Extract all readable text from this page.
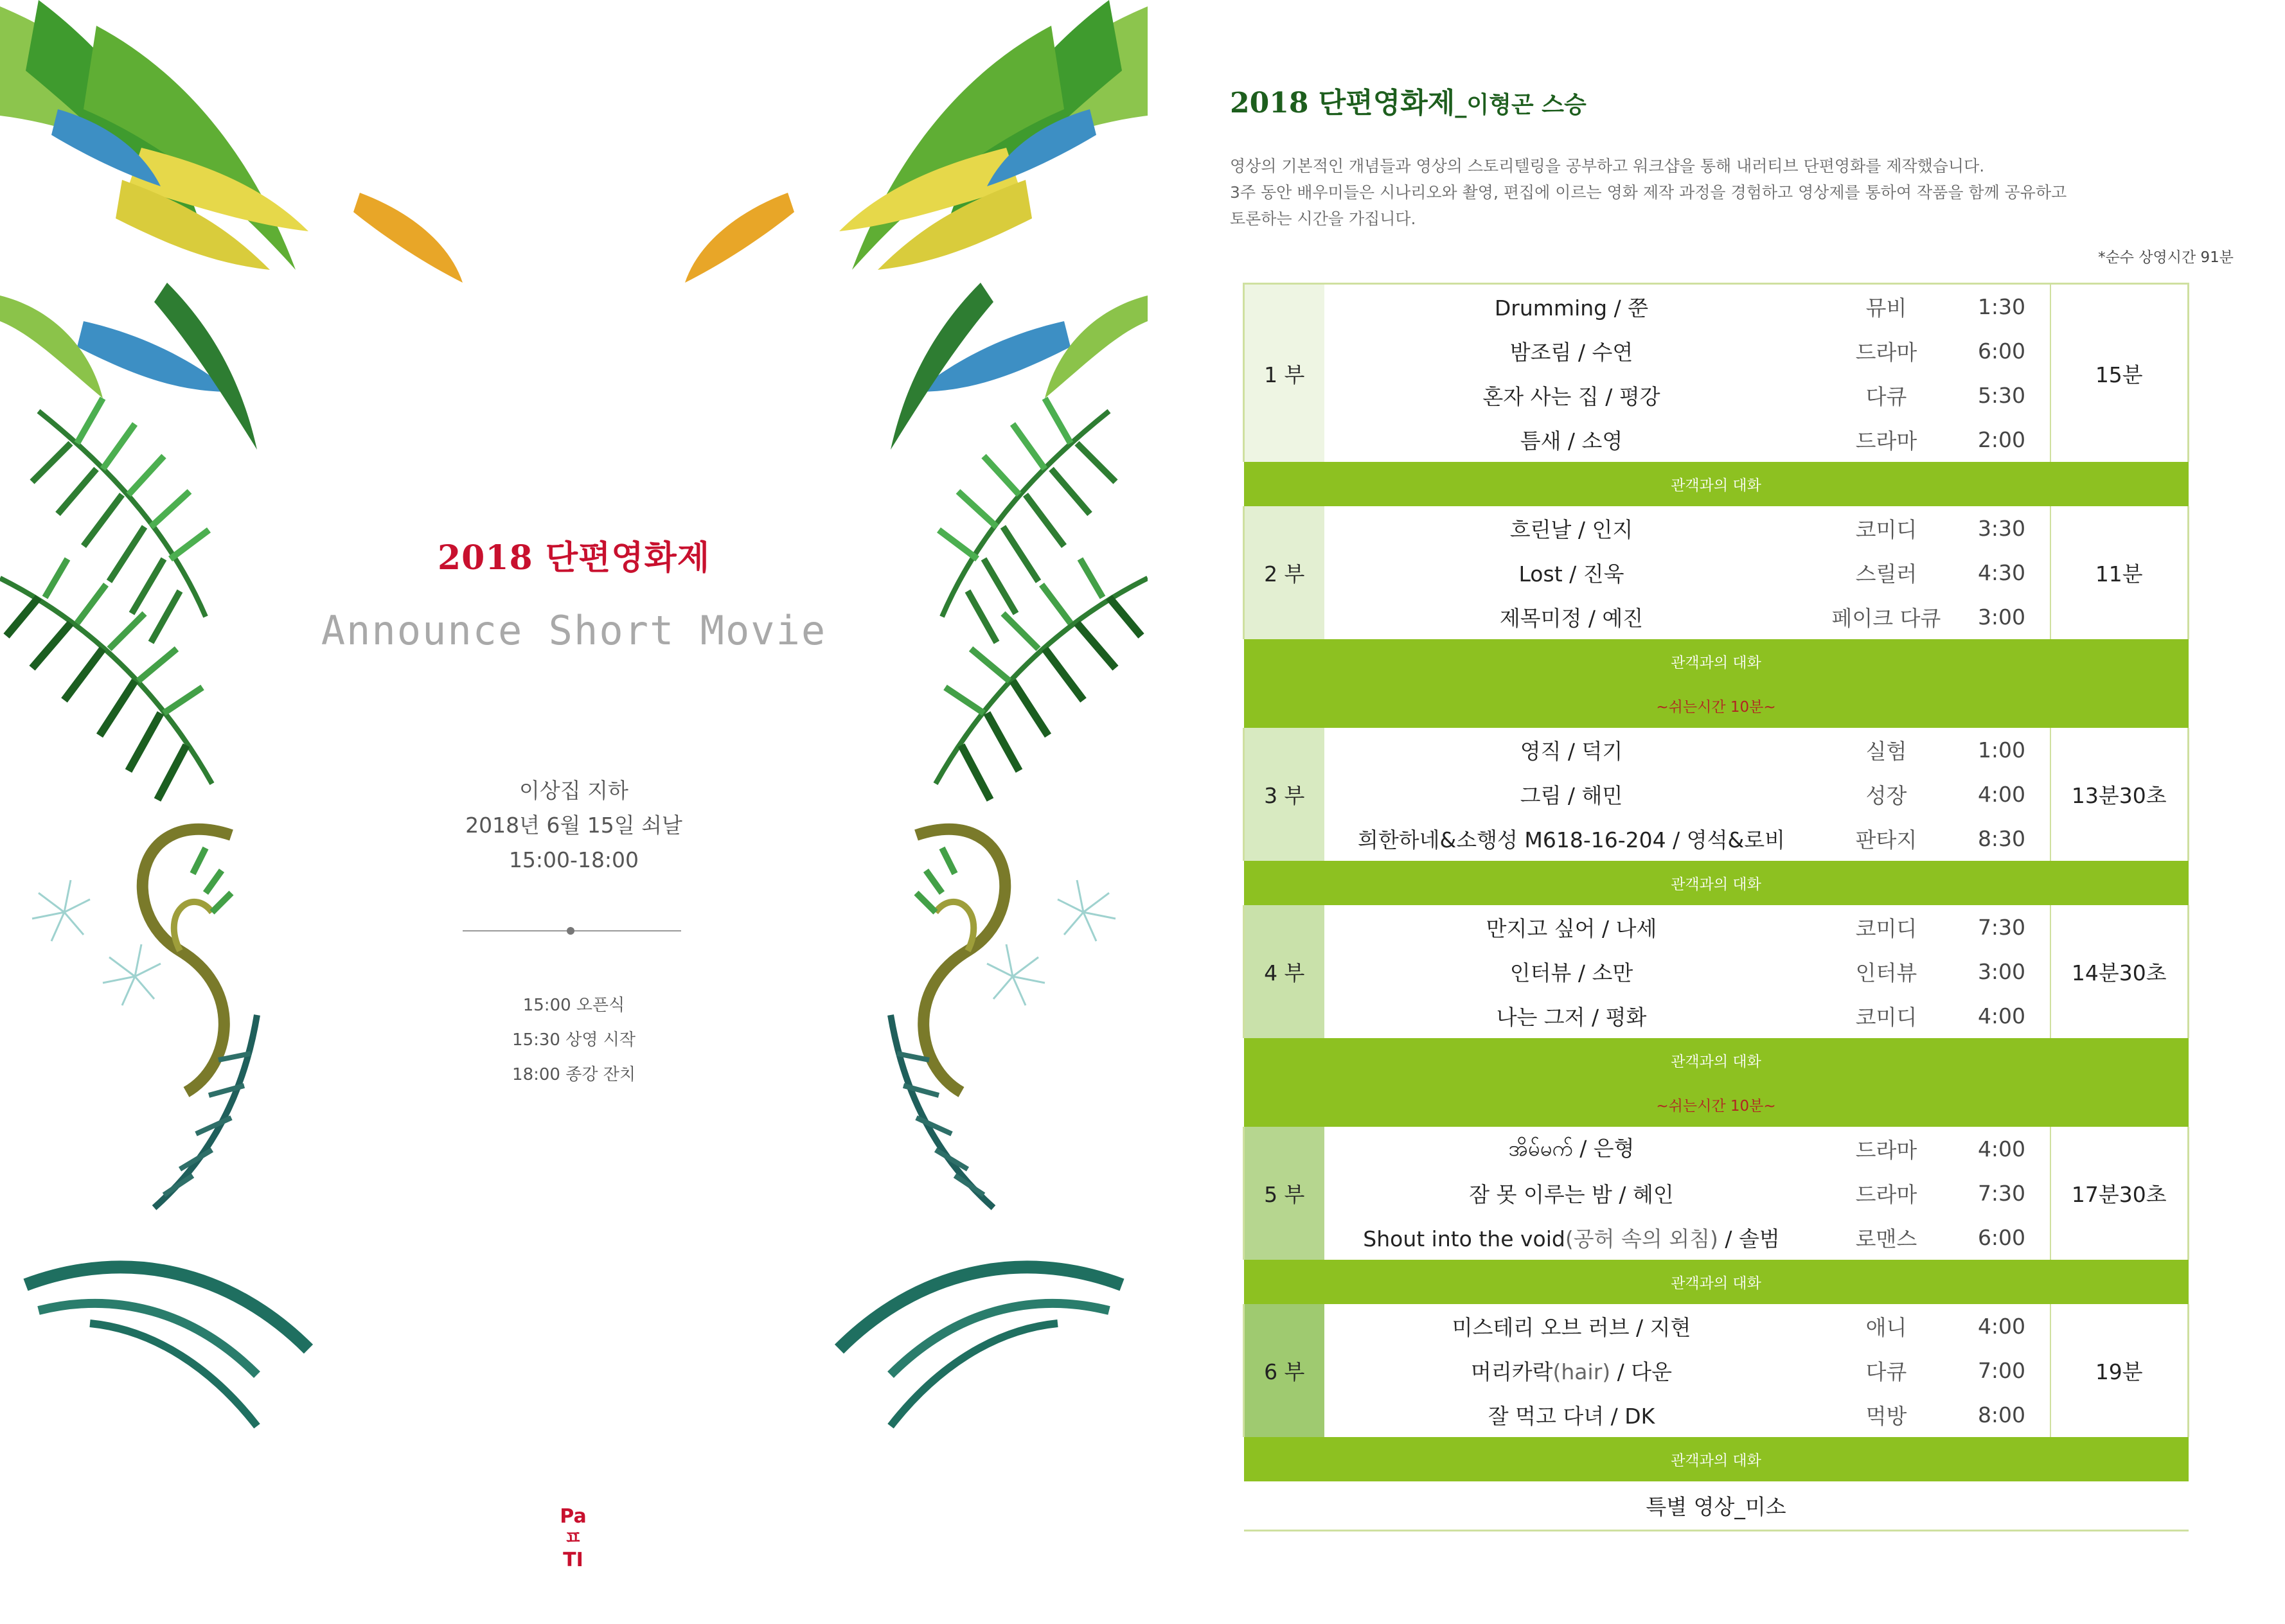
2018 단편영화제
Announce Short Movie
이상집 지하
2018년 6월 15일 쇠날
15:00-18:00
15:00 오픈식
15:30 상영 시작
18:00 종강 잔치
Pa
ㅍ TI
2018 단편영화제_이형곤 스승
영상의 기본적인 개념들과 영상의 스토리텔링을 공부하고 워크샵을 통해 내러티브 단편영화를 제작했습니다.
3주 동안 배우미들은 시나리오와 촬영, 편집에 이르는 영화 제작 과정을 경험하고 영상제를 통하여 작품을 함께 공유하고
토론하는 시간을 가집니다.
*순수 상영시간 91분
1 부	Drumming / 쭌	뮤비	1:30	15분
	밤조림 / 수연	드라마	6:00	
	혼자 사는 집 / 평강	다큐	5:30	
	틈새 / 소영	드라마	2:00	
관객과의 대화				
2 부	흐린날 / 인지	코미디	3:30	11분
	Lost / 진욱	스릴러	4:30	
	제목미정 / 예진	페이크 다큐	3:00	
관객과의 대화				
~쉬는시간 10분~				
3 부	영직 / 덕기	실험	1:00	13분30초
	그림 / 해민	성장	4:00	
	희한하네&소행성 M618-16-204 / 영석&로비	판타지	8:30	
관객과의 대화				
4 부	만지고 싶어 / 나세	코미디	7:30	14분30초
	인터뷰 / 소만	인터뷰	3:00	
	나는 그저 / 평화	코미디	4:00	
관객과의 대화				
~쉬는시간 10분~				
5 부	အိမ်မက် / 은형	드라마	4:00	17분30초
	잠 못 이루는 밤 / 혜인	드라마	7:30	
	Shout into the void(공허 속의 외침) / 솔범	로맨스	6:00	
관객과의 대화				
6 부	미스테리 오브 러브 / 지현	애니	4:00	19분
	머리카락(hair) / 다운	다큐	7:00	
	잘 먹고 다녀 / DK	먹방	8:00	
관객과의 대화				
특별 영상_미소				
